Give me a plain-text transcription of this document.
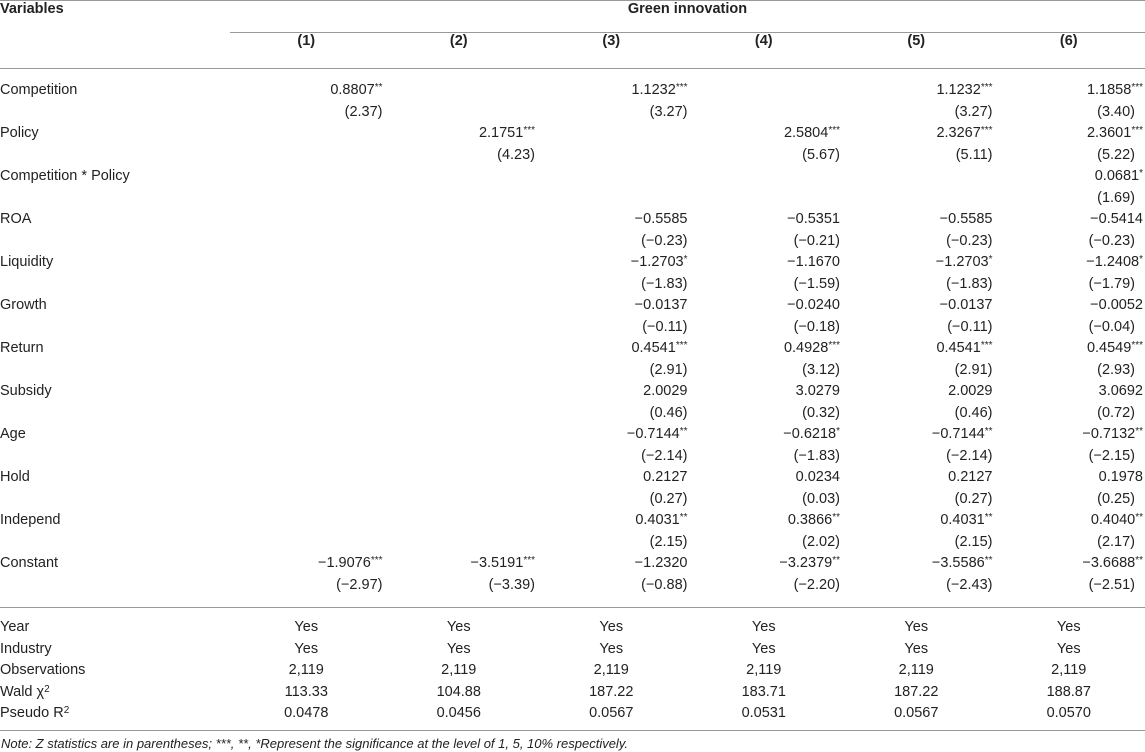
Variables	Green innovation					
	(1)	(2)	(3)	(4)	(5)	(6)
Competition	0.8807**		1.1232***		1.1232***	1.1858***
	(2.37)		(3.27)		(3.27)	(3.40)
Policy		2.1751***		2.5804***	2.3267***	2.3601***
		(4.23)		(5.67)	(5.11)	(5.22)
Competition * Policy						0.0681*
						(1.69)
ROA			−0.5585	−0.5351	−0.5585	−0.5414
			(−0.23)	(−0.21)	(−0.23)	(−0.23)
Liquidity			−1.2703*	−1.1670	−1.2703*	−1.2408*
			(−1.83)	(−1.59)	(−1.83)	(−1.79)
Growth			−0.0137	−0.0240	−0.0137	−0.0052
			(−0.11)	(−0.18)	(−0.11)	(−0.04)
Return			0.4541***	0.4928***	0.4541***	0.4549***
			(2.91)	(3.12)	(2.91)	(2.93)
Subsidy			2.0029	3.0279	2.0029	3.0692
			(0.46)	(0.32)	(0.46)	(0.72)
Age			−0.7144**	−0.6218*	−0.7144**	−0.7132**
			(−2.14)	(−1.83)	(−2.14)	(−2.15)
Hold			0.2127	0.0234	0.2127	0.1978
			(0.27)	(0.03)	(0.27)	(0.25)
Independ			0.4031**	0.3866**	0.4031**	0.4040**
			(2.15)	(2.02)	(2.15)	(2.17)
Constant	−1.9076***	−3.5191***	−1.2320	−3.2379**	−3.5586**	−3.6688**
	(−2.97)	(−3.39)	(−0.88)	(−2.20)	(−2.43)	(−2.51)
Year	Yes	Yes	Yes	Yes	Yes	Yes
Industry	Yes	Yes	Yes	Yes	Yes	Yes
Observations	2,119	2,119	2,119	2,119	2,119	2,119
Wald $\chi^2$	113.33	104.88	187.22	183.71	187.22	188.87
Pseudo $R^2$	0.0478	0.0456	0.0567	0.0531	0.0567	0.0570
Note: Z statistics are in parentheses; ***, **, *Represent the significance at the level of 1, 5, 10% respectively.
